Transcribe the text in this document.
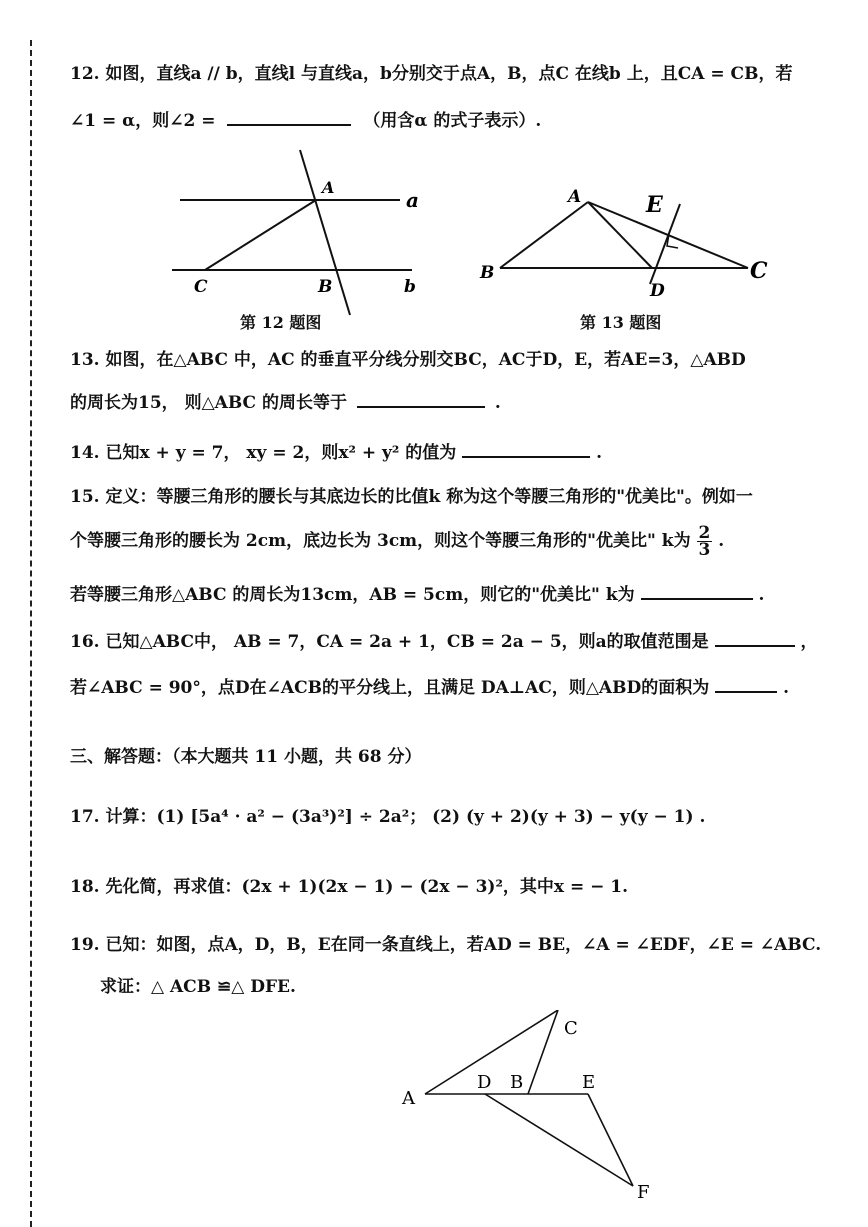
12. 如图，直线a // b，直线l 与直线a，b分别交于点A，B，点C 在线b 上，且CA = CB，若
∠1 = α，则∠2 =	（用含α 的式子表示）.
A
a
C	B	b
第 12 题图
A	E
B
D
C
第 13 题图
13. 如图，在△ABC 中，AC 的垂直平分线分别交BC，AC于D，E，若AE=3，△ABD
的周长为15， 则△ABC 的周长等于	.
14. 已知x + y = 7， xy = 2，则x² + y² 的值为	.
15. 定义：等腰三角形的腰长与其底边长的比值k 称为这个等腰三角形的"优美比"。例如一
个等腰三角形的腰长为 2cm，底边长为 3cm，则这个等腰三角形的"优美比" k为 $\frac{2}{3}$ .
若等腰三角形△ABC 的周长为13cm，AB = 5cm，则它的"优美比" k为	.
16. 已知△ABC中， AB = 7，CA = 2a + 1，CB = 2a − 5，则a的取值范围是	，
若∠ABC = 90°，点D在∠ACB的平分线上，且满足 DA⊥AC，则△ABD的面积为	.
三、解答题：（本大题共 11 小题，共 68 分）
17. 计算：(1) [5a⁴ · a² − (3a³)²] ÷ 2a²； (2) (y + 2)(y + 3) − y(y − 1) .
18. 先化简，再求值：(2x + 1)(2x − 1) − (2x − 3)²，其中x = − 1.
19. 已知：如图，点A，D，B，E在同一条直线上，若AD = BE，∠A = ∠EDF，∠E = ∠ABC.
求证：△ ACB ≌△ DFE.
A
D B	E
C
F
